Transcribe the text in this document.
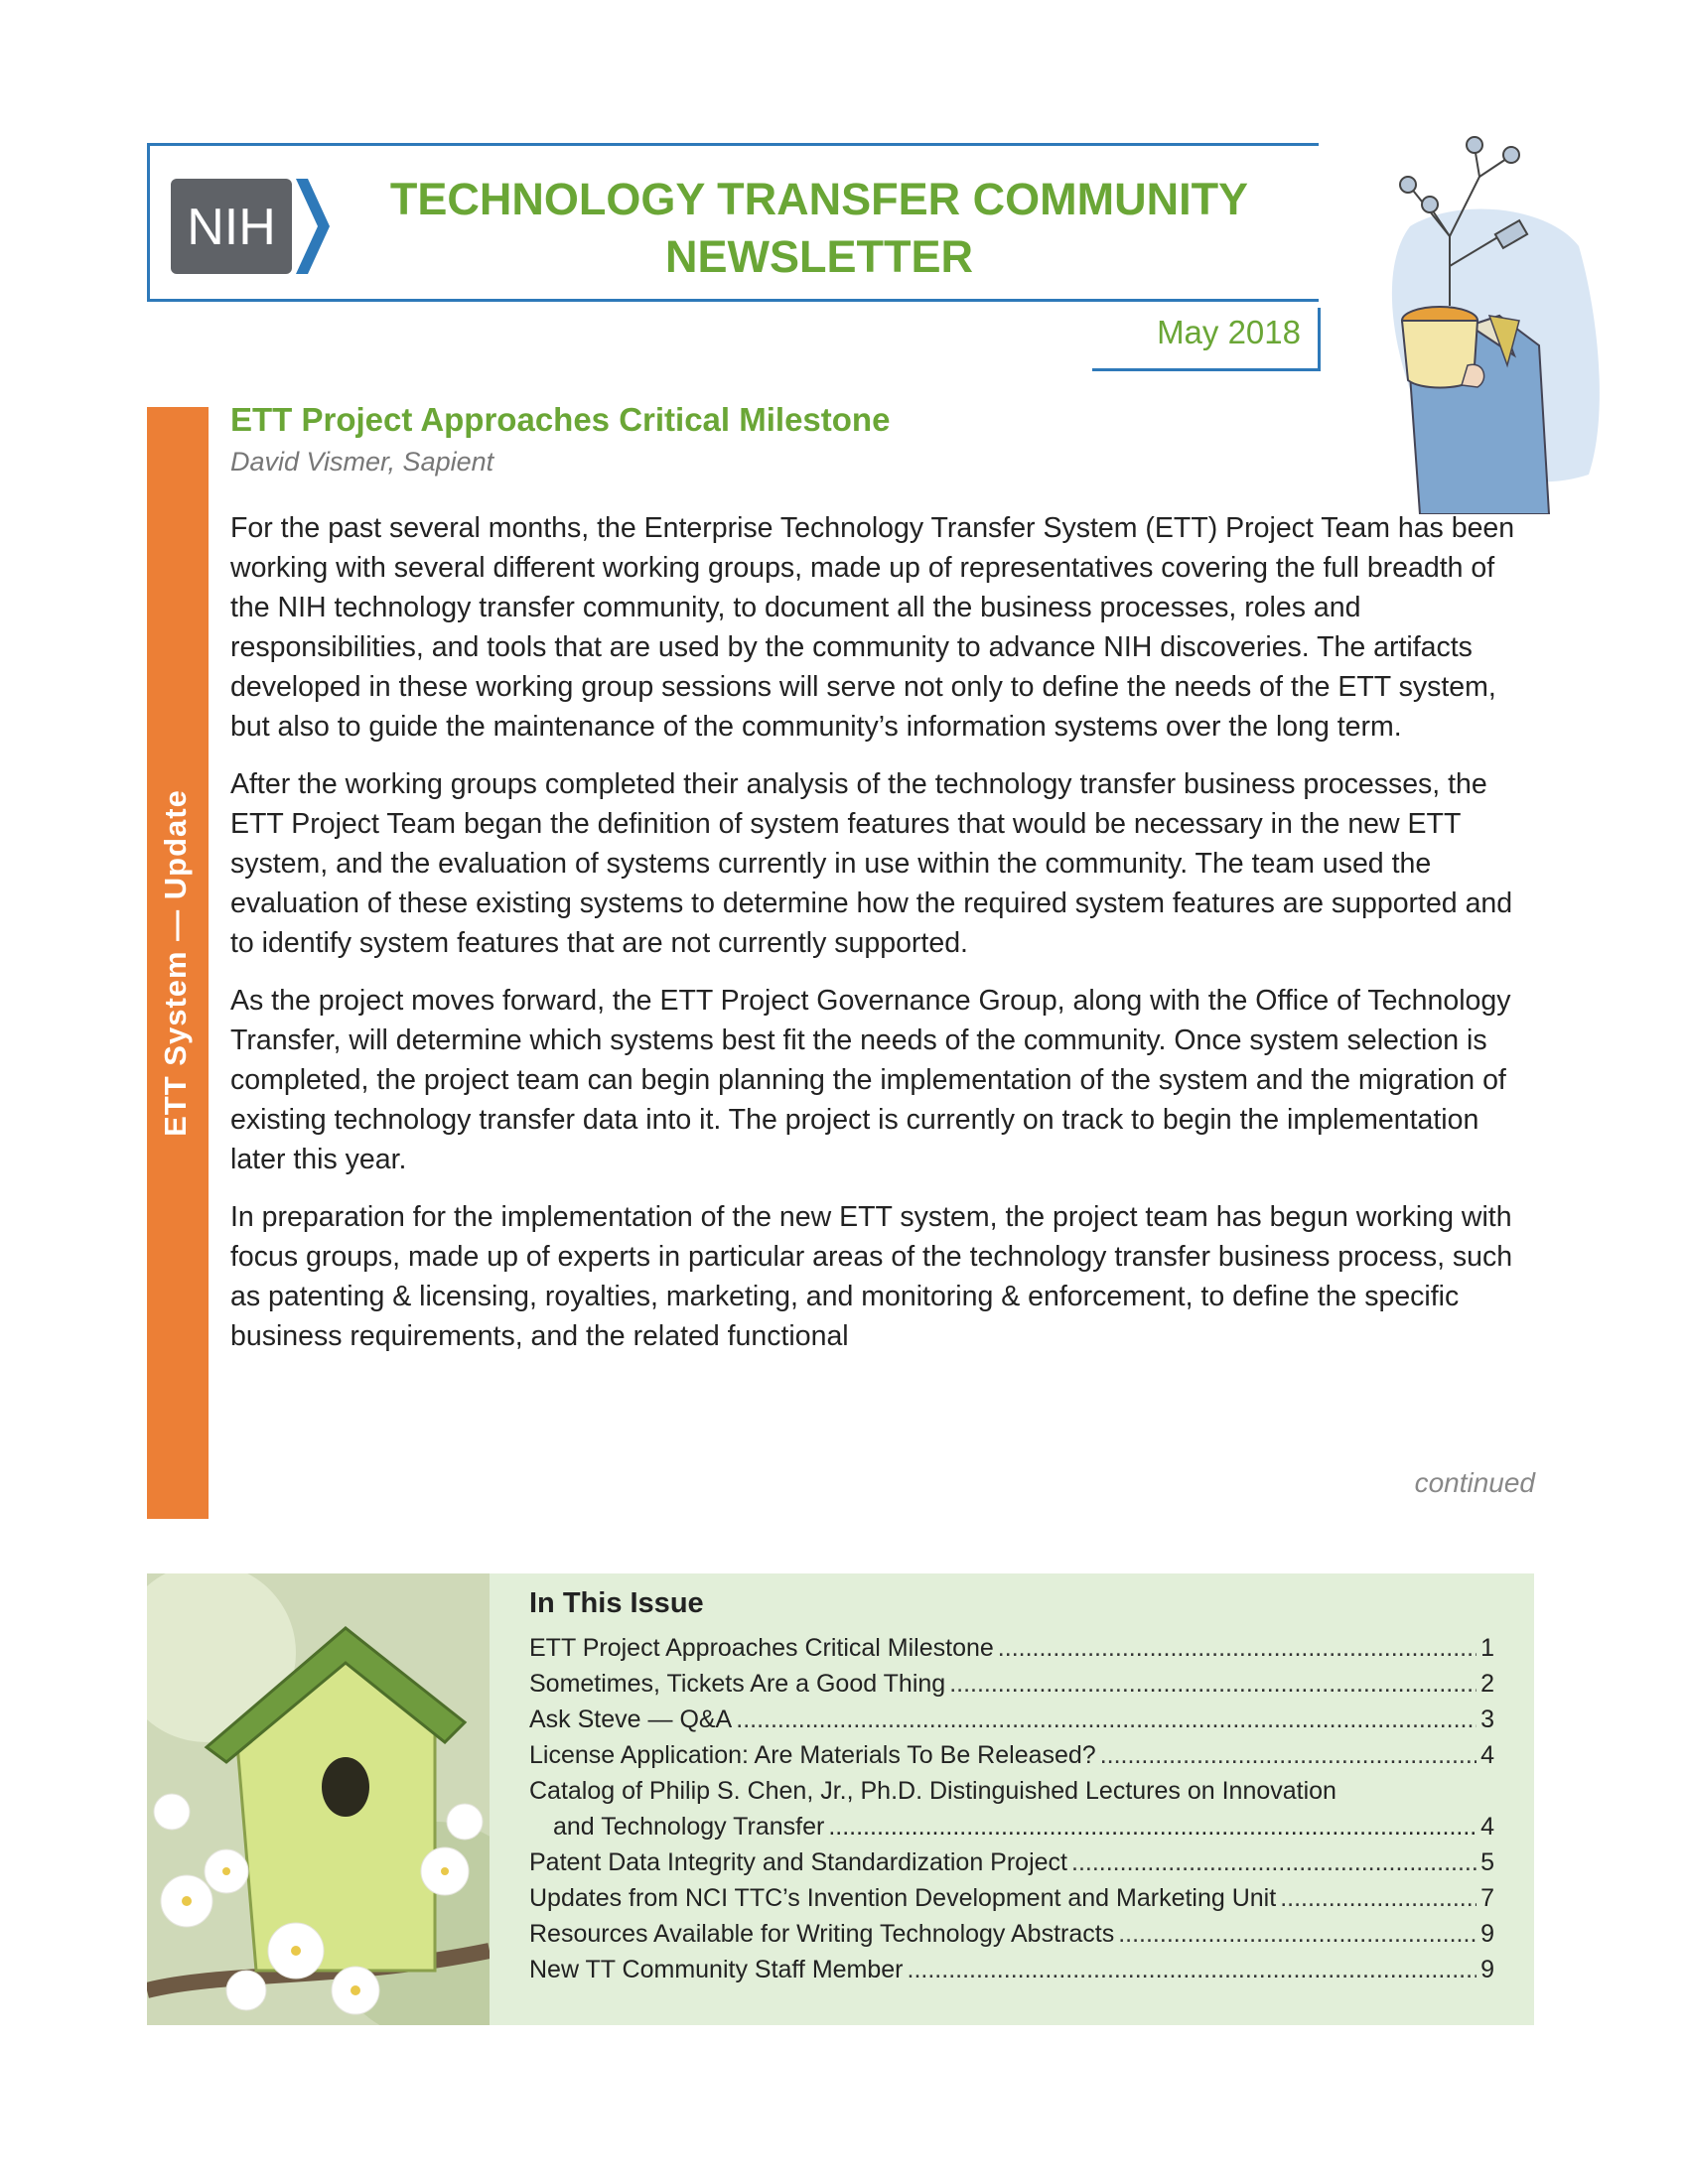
NIH	TECHNOLOGY TRANSFER COMMUNITY
NEWSLETTER
May 2018
ETT System — Update
ETT Project Approaches Critical Milestone
David Vismer, Sapient

For the past several months, the Enterprise Technology Transfer System (ETT) Project Team has been working with several different working groups, made up of representatives covering the full breadth of the NIH technology transfer community, to document all the business processes, roles and responsibilities, and tools that are used by the community to advance NIH discoveries. The artifacts developed in these working group sessions will serve not only to define the needs of the ETT system, but also to guide the maintenance of the community’s information systems over the long term.

After the working groups completed their analysis of the technology transfer business processes, the ETT Project Team began the definition of system features that would be necessary in the new ETT system, and the evaluation of systems currently in use within the community. The team used the evaluation of these existing systems to determine how the required system features are supported and to identify system features that are not currently supported.

As the project moves forward, the ETT Project Governance Group, along with the Office of Technology Transfer, will determine which systems best fit the needs of the community. Once system selection is completed, the project team can begin planning the implementation of the system and the migration of existing technology transfer data into it. The project is currently on track to begin the implementation later this year.

In preparation for the implementation of the new ETT system, the project team has begun working with focus groups, made up of experts in particular areas of the technology transfer business process, such as patenting & licensing, royalties, marketing, and monitoring & enforcement, to define the specific business requirements, and the related functional

continued
In This Issue
ETT Project Approaches Critical Milestone .....	1
Sometimes, Tickets Are a Good Thing .....	2
Ask Steve — Q&A .....	3
License Application: Are Materials To Be Released? .....	4
Catalog of Philip S. Chen, Jr., Ph.D. Distinguished Lectures on Innovation
and Technology Transfer .....	4
Patent Data Integrity and Standardization Project .....	5
Updates from NCI TTC’s Invention Development and Marketing Unit .....	7
Resources Available for Writing Technology Abstracts .....	9
New TT Community Staff Member .....	9
